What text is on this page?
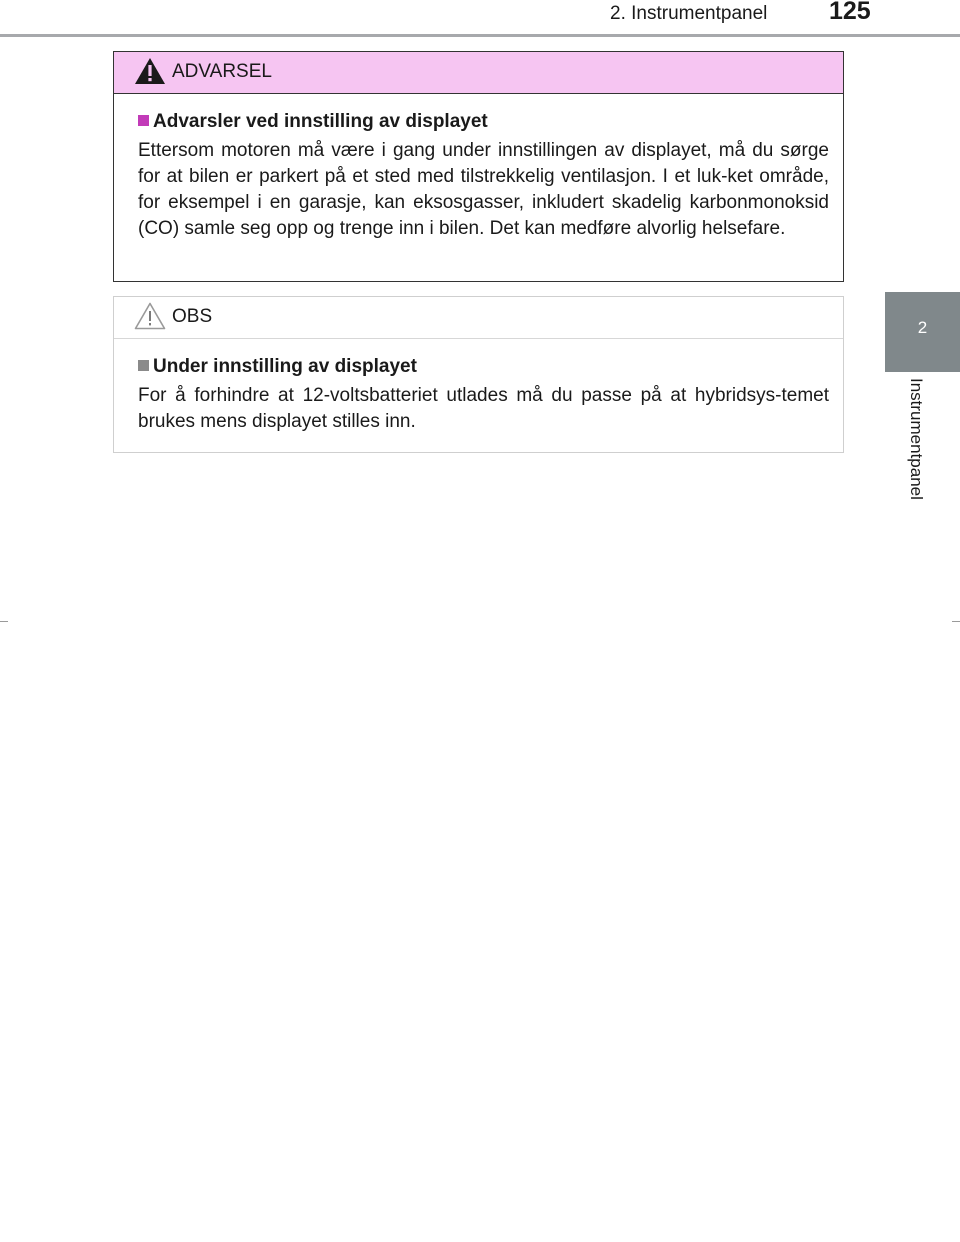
2. Instrumentpanel 125
2
Instrumentpanel
ADVARSEL
Advarsler ved innstilling av displayet
Ettersom motoren må være i gang under innstillingen av displayet, må du sørge for at bilen er parkert på et sted med tilstrekkelig ventilasjon. I et luk-ket område, for eksempel i en garasje, kan eksosgasser, inkludert skadelig karbonmonoksid (CO) samle seg opp og trenge inn i bilen. Det kan medføre alvorlig helsefare.
OBS
Under innstilling av displayet
For å forhindre at 12-voltsbatteriet utlades må du passe på at hybridsys-temet brukes mens displayet stilles inn.
